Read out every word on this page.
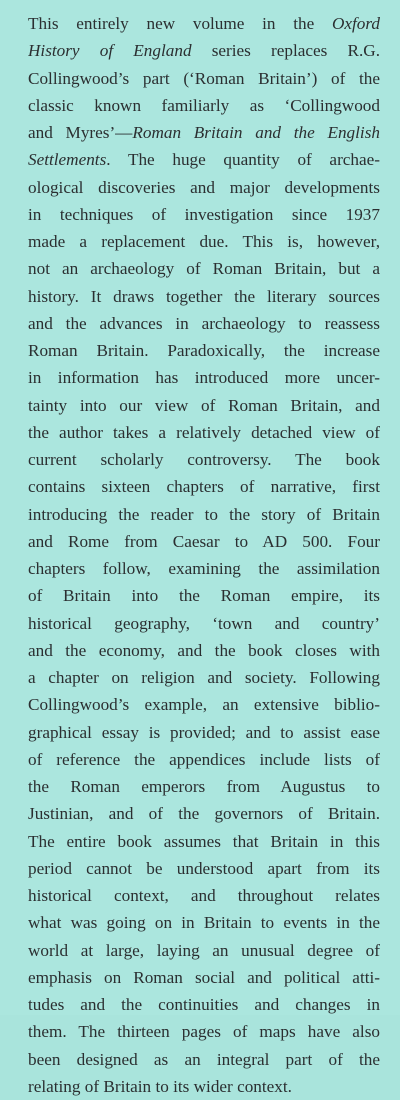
This entirely new volume in the Oxford
History of England series replaces R.G.
Collingwood’s part (‘Roman Britain’) of the
classic known familiarly as ‘Collingwood
and Myres’—Roman Britain and the English
Settlements. The huge quantity of archae-
ological discoveries and major developments
in techniques of investigation since 1937
made a replacement due. This is, however,
not an archaeology of Roman Britain, but a
history. It draws together the literary sources
and the advances in archaeology to reassess
Roman Britain. Paradoxically, the increase
in information has introduced more uncer-
tainty into our view of Roman Britain, and
the author takes a relatively detached view of
current scholarly controversy. The book
contains sixteen chapters of narrative, first
introducing the reader to the story of Britain
and Rome from Caesar to AD 500. Four
chapters follow, examining the assimilation
of Britain into the Roman empire, its
historical geography, ‘town and country’
and the economy, and the book closes with
a chapter on religion and society. Following
Collingwood’s example, an extensive biblio-
graphical essay is provided; and to assist ease
of reference the appendices include lists of
the Roman emperors from Augustus to
Justinian, and of the governors of Britain.
The entire book assumes that Britain in this
period cannot be understood apart from its
historical context, and throughout relates
what was going on in Britain to events in the
world at large, laying an unusual degree of
emphasis on Roman social and political atti-
tudes and the continuities and changes in
them. The thirteen pages of maps have also
been designed as an integral part of the
relating of Britain to its wider context.
